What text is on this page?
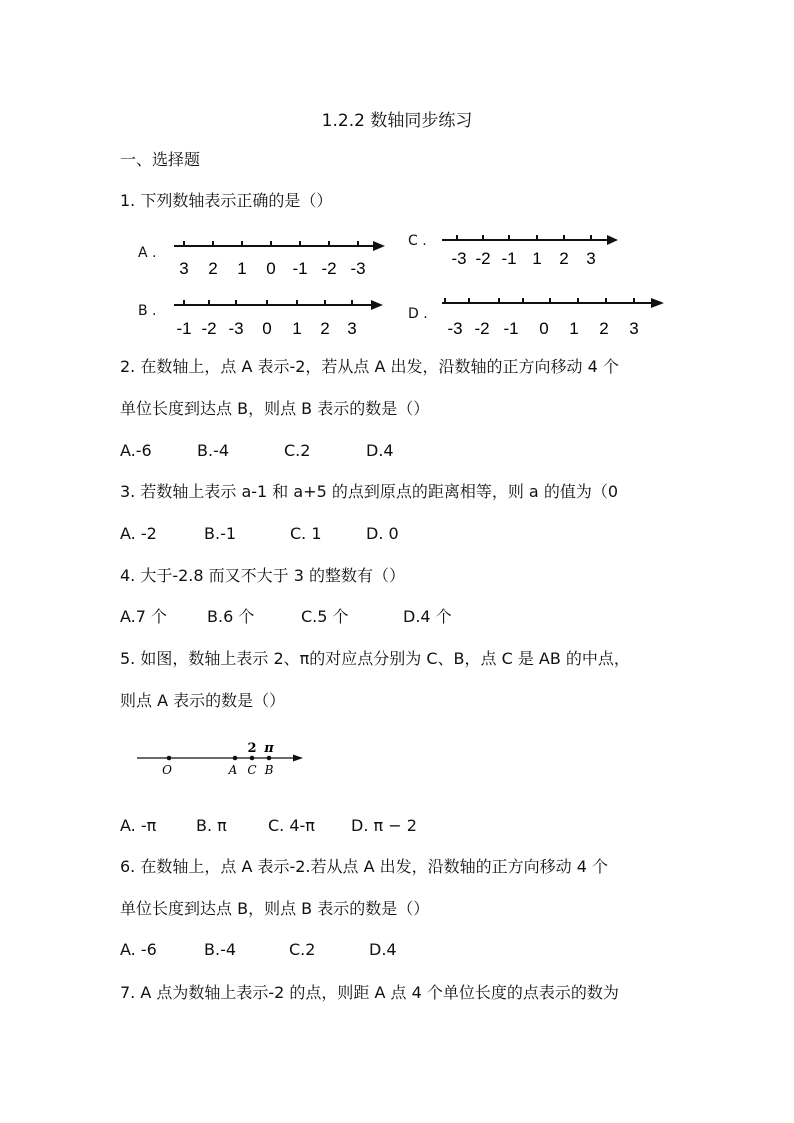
1.2.2 数轴同步练习
一、选择题
1. 下列数轴表示正确的是（）
A .
3 2 1 0 -1 -2 -3
C .
-3 -2 -1 1 2 3
B .
-1 -2 -3 0 1 2 3
D .
-3 -2 -1 0 1 2 3
2. 在数轴上，点 A 表示-2，若从点 A 出发，沿数轴的正方向移动 4 个
单位长度到达点 B，则点 B 表示的数是（）
A.-6	B.-4	C.2	D.4
3. 若数轴上表示 a-1 和 a+5 的点到原点的距离相等，则 a 的值为（0
A. -2	B.-1	C. 1	D. 0
4. 大于-2.8 而又不大于 3 的整数有（）
A.7 个 B.6 个	C.5 个	D.4 个
5. 如图，数轴上表示 2、π的对应点分别为 C、B，点 C 是 AB 的中点，
则点 A 表示的数是（）
2 π
O	A C B
A. -π B. π	C. 4-π D. π − 2
6. 在数轴上，点 A 表示-2.若从点 A 出发，沿数轴的正方向移动 4 个
单位长度到达点 B，则点 B 表示的数是（）
A. -6	B.-4	C.2	D.4
7. A 点为数轴上表示-2 的点，则距 A 点 4 个单位长度的点表示的数为
